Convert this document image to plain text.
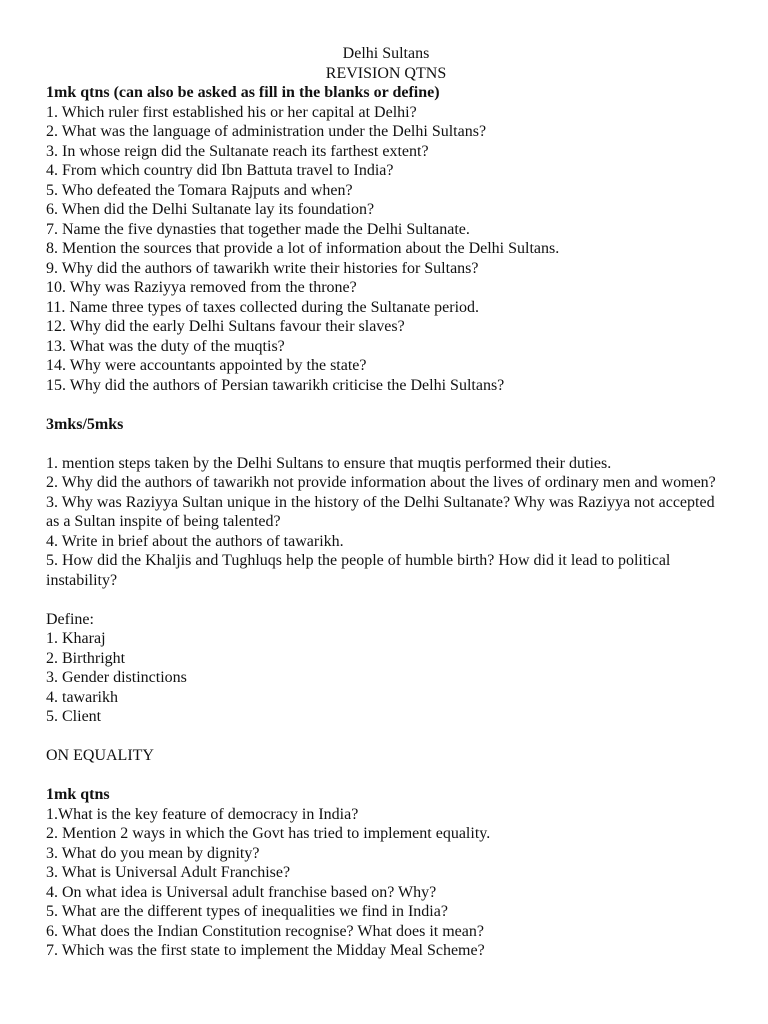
Delhi Sultans
REVISION QTNS
1mk qtns (can also be asked as fill in the blanks or define)
1. Which ruler first established his or her capital at Delhi?
2. What was the language of administration under the Delhi Sultans?
3. In whose reign did the Sultanate reach its farthest extent?
4. From which country did Ibn Battuta travel to India?
5. Who defeated the Tomara Rajputs and when?
6. When did the Delhi Sultanate lay its foundation?
7. Name the five dynasties that together made the Delhi Sultanate.
8. Mention the sources that provide a lot of information about the Delhi Sultans.
9. Why did the authors of tawarikh write their histories for Sultans?
10. Why was Raziyya removed from the throne?
11. Name three types of taxes collected during the Sultanate period.
12. Why did the early Delhi Sultans favour their slaves?
13. What was the duty of the muqtis?
14. Why were accountants appointed by the state?
15. Why did the authors of Persian tawarikh criticise the Delhi Sultans?
3mks/5mks
1. mention steps taken by the Delhi Sultans to ensure that muqtis performed their duties.
2. Why did the authors of tawarikh not provide information about the lives of ordinary men and women?
3. Why was Raziyya Sultan unique in the history of the Delhi Sultanate? Why was Raziyya not accepted as a Sultan inspite of being talented?
4. Write in brief about the authors of tawarikh.
5. How did the Khaljis and Tughluqs help the people of humble birth? How did it lead to political instability?
Define:
1. Kharaj
2. Birthright
3. Gender distinctions
4. tawarikh
5. Client
ON EQUALITY
1mk qtns
1.What is the key feature of democracy in India?
2. Mention 2 ways in which the Govt has tried to implement equality.
3. What do you mean by dignity?
3. What is Universal Adult Franchise?
4. On what idea is Universal adult franchise based on? Why?
5. What are the different types of inequalities we find in India?
6. What does the Indian Constitution recognise? What does it mean?
7. Which was the first state to implement the Midday Meal Scheme?
